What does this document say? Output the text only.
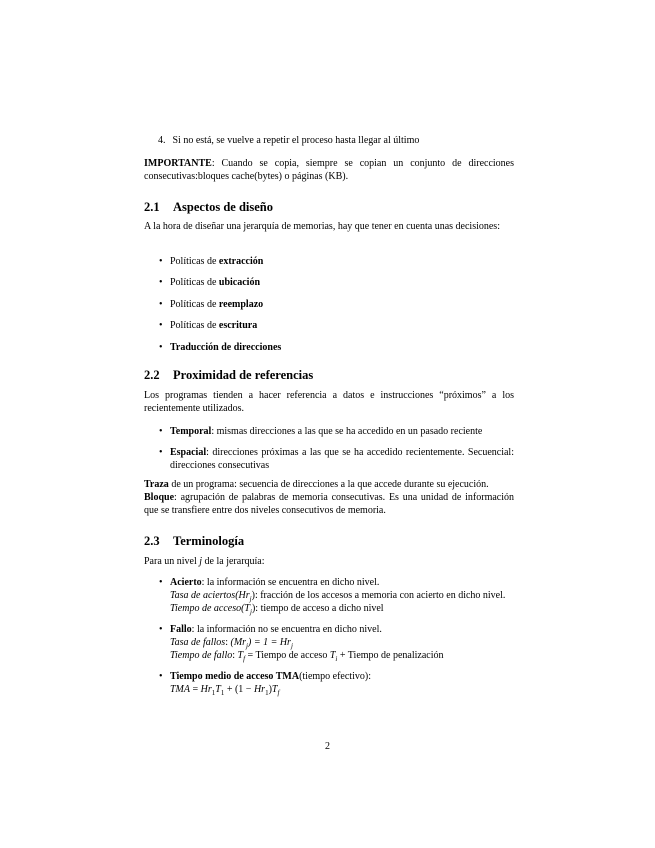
4. Si no está, se vuelve a repetir el proceso hasta llegar al último
IMPORTANTE: Cuando se copia, siempre se copian un conjunto de direcciones consecutivas:bloques cache(bytes) o páginas (KB).
2.1 Aspectos de diseño
A la hora de diseñar una jerarquía de memorias, hay que tener en cuenta unas decisiones:
• Políticas de extracción
• Políticas de ubicación
• Políticas de reemplazo
• Políticas de escritura
• Traducción de direcciones
2.2 Proximidad de referencias
Los programas tienden a hacer referencia a datos e instrucciones “próximos” a los recientemente utilizados.
• Temporal: mismas direcciones a las que se ha accedido en un pasado reciente
• Espacial: direcciones próximas a las que se ha accedido recientemente. Secuencial: direcciones consecutivas
Traza de un programa: secuencia de direcciones a la que accede durante su ejecución.
Bloque: agrupación de palabras de memoria consecutivas. Es una unidad de información que se transfiere entre dos niveles consecutivos de memoria.
2.3 Terminología
Para un nivel j de la jerarquía:
• Acierto: la información se encuentra en dicho nivel.
Tasa de $aciertos(Hr_j)$: fracción de los accesos a memoria con acierto en dicho nivel.
Tiempo de $acceso(T_j)$: tiempo de acceso a dicho nivel
• Fallo: la información no se encuentra en dicho nivel.
Tasa de fallos: $(Mr_j) = 1 = Hr_j$
Tiempo de fallo: $T_f$ = Tiempo de acceso $T_i$ + Tiempo de penalización
• Tiempo medio de acceso TMA(tiempo efectivo):
TMA = $Hr_1T_1 + (1 - Hr_1)T_f$
2
